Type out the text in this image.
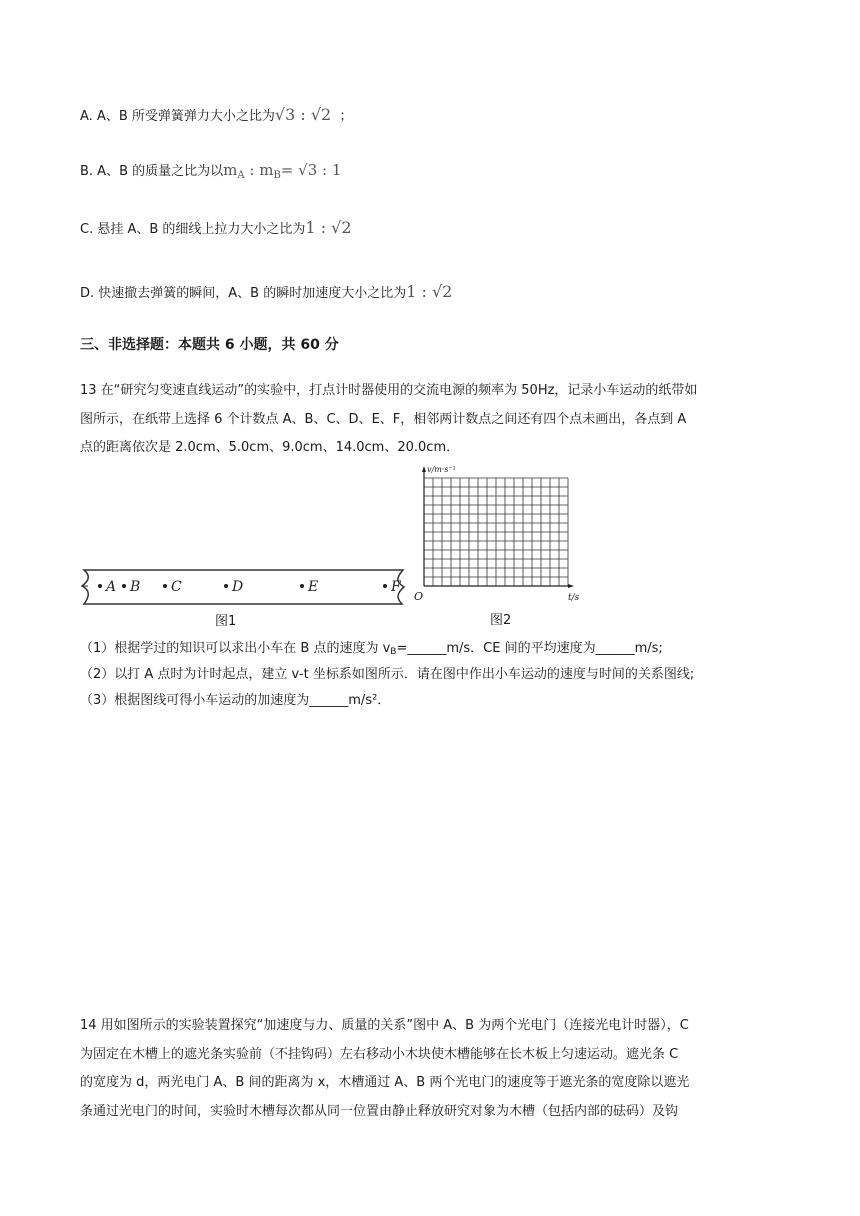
A. A、B 所受弹簧弹力大小之比为√3 : √2 ；
B. A、B 的质量之比为以$m_A$ : $m_B= √3$ : 1
C. 悬挂 A、B 的细线上拉力大小之比为1 : √2
D. 快速撤去弹簧的瞬间，A、B 的瞬时加速度大小之比为1 : √2
三、非选择题：本题共 6 小题，共 60 分
13 在“研究匀变速直线运动”的实验中，打点计时器使用的交流电源的频率为 50Hz，记录小车运动的纸带如
图所示，在纸带上选择 6 个计数点 A、B、C、D、E、F，相邻两计数点之间还有四个点未画出，各点到 A
点的距离依次是 2.0cm、5.0cm、9.0cm、14.0cm、20.0cm．
A B C	D	E	F
图1
v/m·s⁻¹
O	t/s
图2
（1）根据学过的知识可以求出小车在 B 点的速度为 vB=______m/s．CE 间的平均速度为______m/s;
（2）以打 A 点时为计时起点，建立 v-t 坐标系如图所示．请在图中作出小车运动的速度与时间的关系图线;
（3）根据图线可得小车运动的加速度为______m/s²．
14 用如图所示的实验装置探究“加速度与力、质量的关系”图中 A、B 为两个光电门（连接光电计时器），C
为固定在木槽上的遮光条实验前（不挂钩码）左右移动小木块使木槽能够在长木板上匀速运动。遮光条 C
的宽度为 d，两光电门 A、B 间的距离为 x，木槽通过 A、B 两个光电门的速度等于遮光条的宽度除以遮光
条通过光电门的时间，实验时木槽每次都从同一位置由静止释放研究对象为木槽（包括内部的砝码）及钩
